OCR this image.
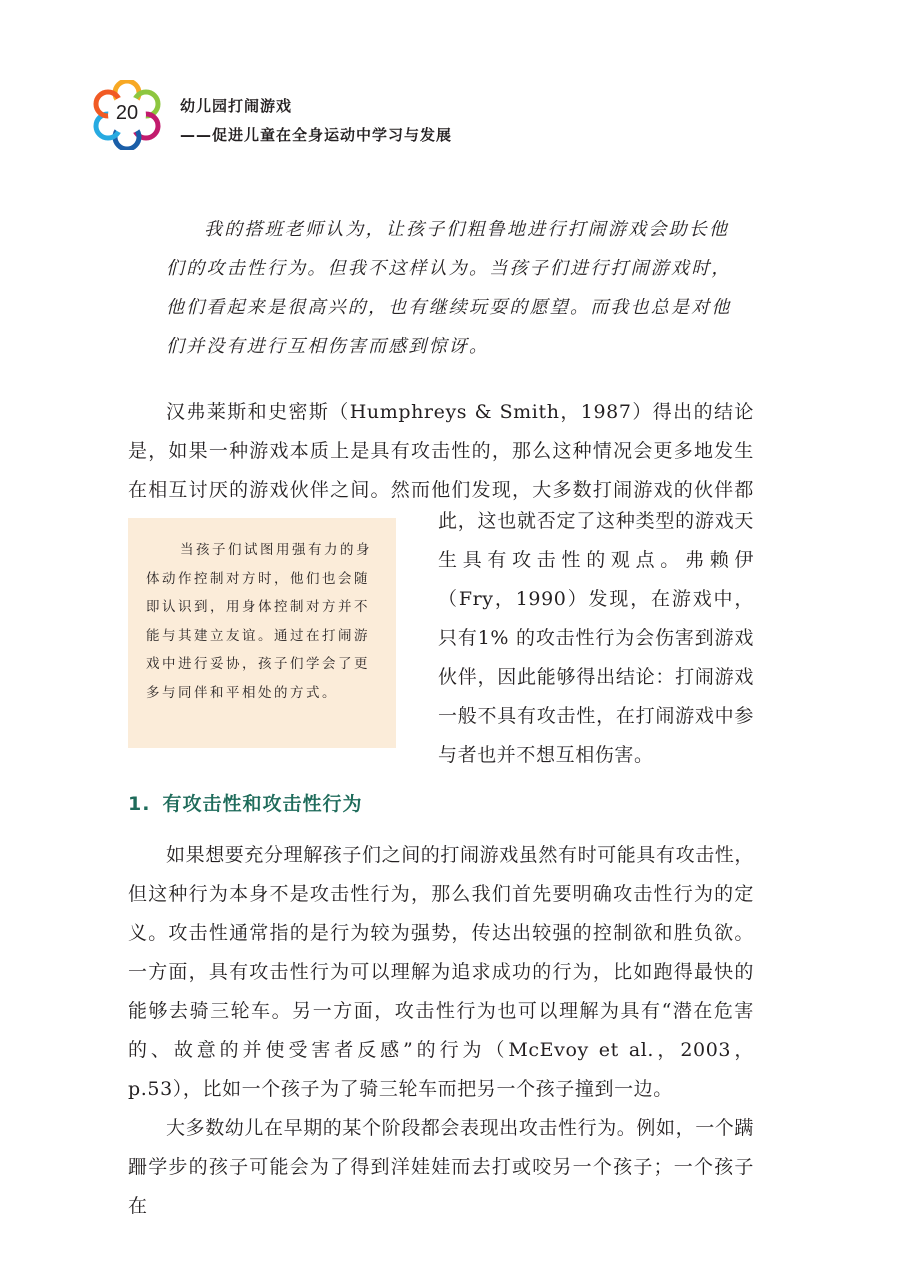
20	幼儿园打闹游戏
——促进儿童在全身运动中学习与发展

我的搭班老师认为，让孩子们粗鲁地进行打闹游戏会助长他们的攻击性行为。但我不这样认为。当孩子们进行打闹游戏时，他们看起来是很高兴的，也有继续玩耍的愿望。而我也总是对他们并没有进行互相伤害而感到惊讶。

汉弗莱斯和史密斯（Humphreys & Smith，1987）得出的结论是，如果一种游戏本质上是具有攻击性的，那么这种情况会更多地发生在相互讨厌的游戏伙伴之间。然而他们发现，大多数打闹游戏的伙伴都

当孩子们试图用强有力的身体动作控制对方时，他们也会随即认识到，用身体控制对方并不能与其建立友谊。通过在打闹游戏中进行妥协，孩子们学会了更多与同伴和平相处的方式。

此，这也就否定了这种类型的游戏天生具有攻击性的观点。弗赖伊（Fry，1990）发现，在游戏中，只有1% 的攻击性行为会伤害到游戏伙伴，因此能够得出结论：打闹游戏一般不具有攻击性，在打闹游戏中参与者也并不想互相伤害。

1. 有攻击性和攻击性行为

如果想要充分理解孩子们之间的打闹游戏虽然有时可能具有攻击性，但这种行为本身不是攻击性行为，那么我们首先要明确攻击性行为的定义。攻击性通常指的是行为较为强势，传达出较强的控制欲和胜负欲。一方面，具有攻击性行为可以理解为追求成功的行为，比如跑得最快的能够去骑三轮车。另一方面，攻击性行为也可以理解为具有“潜在危害的、故意的并使受害者反感”的行为（McEvoy et al.，2003，p.53），比如一个孩子为了骑三轮车而把另一个孩子撞到一边。

大多数幼儿在早期的某个阶段都会表现出攻击性行为。例如，一个蹒跚学步的孩子可能会为了得到洋娃娃而去打或咬另一个孩子；一个孩子在
